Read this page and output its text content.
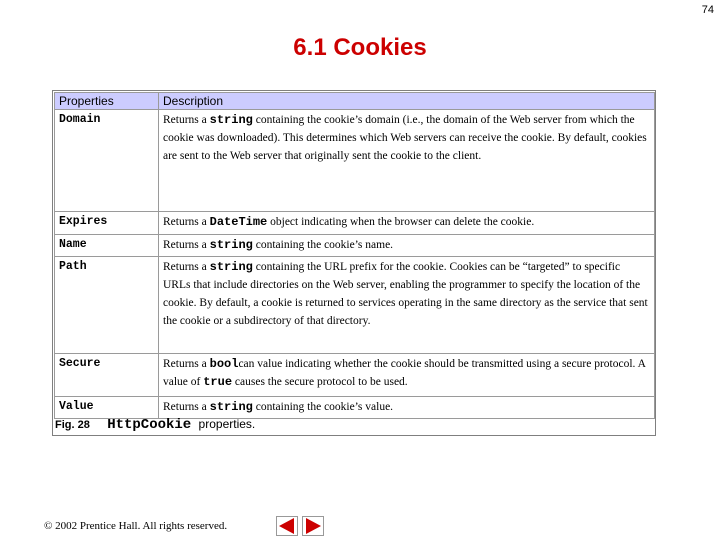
74
6.1 Cookies
Properties	Description
Domain	Returns a string containing the cookie’s domain (i.e., the domain of the Web server from which the cookie was downloaded). This determines which Web servers can receive the cookie. By default, cookies are sent to the Web server that originally sent the cookie to the client.
Expires	Returns a DateTime object indicating when the browser can delete the cookie.
Name	Returns a string containing the cookie’s name.
Path	Returns a string containing the URL prefix for the cookie. Cookies can be “targeted” to specific URLs that include directories on the Web server, enabling the programmer to specify the location of the cookie. By default, a cookie is returned to services operating in the same directory as the service that sent the cookie or a subdirectory of that directory.
Secure	Returns a boolcan value indicating whether the cookie should be transmitted using a secure protocol. A value of true causes the secure protocol to be used.
Value	Returns a string containing the cookie’s value.
Fig. 28 HttpCookie properties.
© 2002 Prentice Hall. All rights reserved.
